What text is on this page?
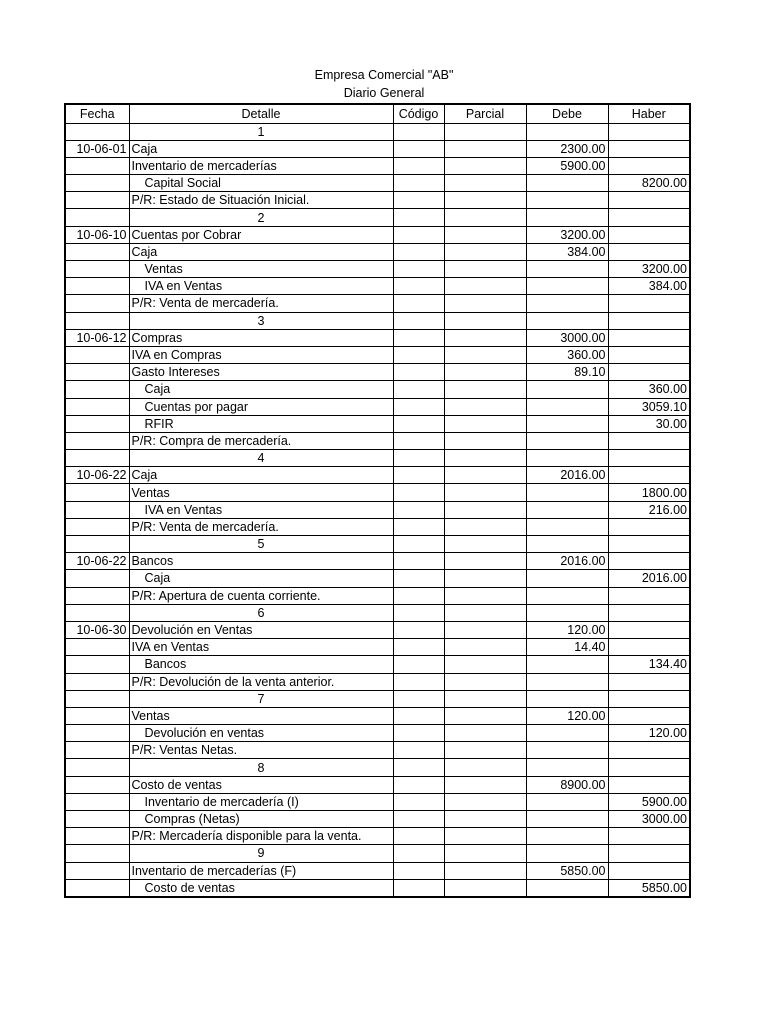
Empresa Comercial "AB"
Diario General
Fecha	Detalle	Código	Parcial	Debe	Haber
	1				
10-06-01	Caja			2300.00	
	Inventario de mercaderías			5900.00	
	Capital Social				8200.00
	P/R: Estado de Situación Inicial.				
	2				
10-06-10	Cuentas por Cobrar			3200.00	
	Caja			384.00	
	Ventas				3200.00
	IVA en Ventas				384.00
	P/R: Venta de mercadería.				
	3				
10-06-12	Compras			3000.00	
	IVA en Compras			360.00	
	Gasto Intereses			89.10	
	Caja				360.00
	Cuentas por pagar				3059.10
	RFIR				30.00
	P/R: Compra de mercadería.				
	4				
10-06-22	Caja			2016.00	
	Ventas				1800.00
	IVA en Ventas				216.00
	P/R: Venta de mercadería.				
	5				
10-06-22	Bancos			2016.00	
	Caja				2016.00
	P/R: Apertura de cuenta corriente.				
	6				
10-06-30	Devolución en Ventas			120.00	
	IVA en Ventas			14.40	
	Bancos				134.40
	P/R: Devolución de la venta anterior.				
	7				
	Ventas			120.00	
	Devolución en ventas				120.00
	P/R: Ventas Netas.				
	8				
	Costo de ventas			8900.00	
	Inventario de mercadería (I)				5900.00
	Compras (Netas)				3000.00
	P/R: Mercadería disponible para la venta.				
	9				
	Inventario de mercaderías (F)			5850.00	
	Costo de ventas				5850.00
